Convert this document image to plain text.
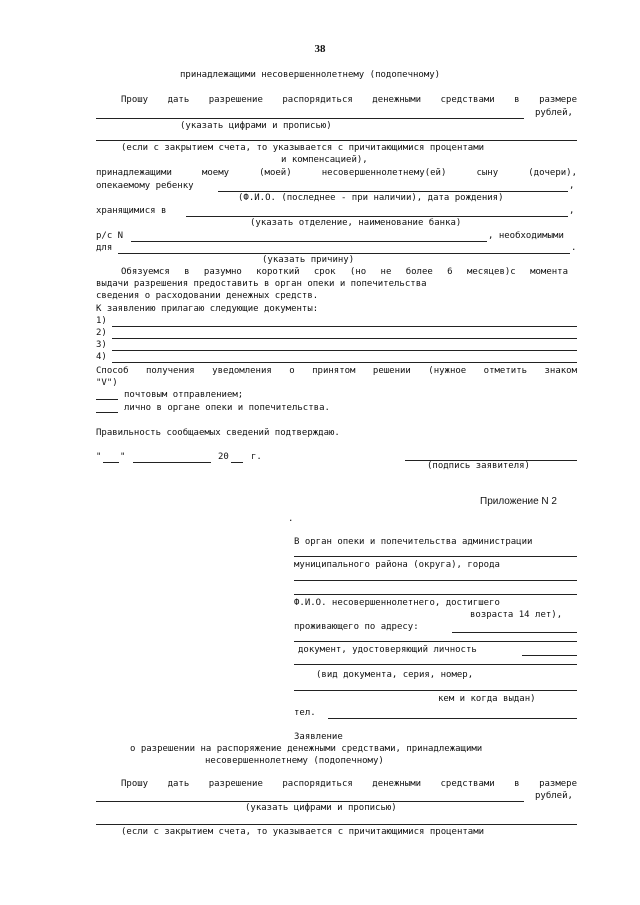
38
принадлежащими несовершеннолетнему (подопечному)
Прошу дать разрешение распорядиться денежными средствами в размере
рублей,
(указать цифрами и прописью)
(если с закрытием счета, то указывается с причитающимися процентами
и компенсацией),
принадлежащими моему (моей) несовершеннолетнему(ей) сыну (дочери),
опекаемому ребенку	,
(Ф.И.О. (последнее - при наличии), дата рождения)
хранящимися в	,
(указать отделение, наименование банка)
р/с N	, необходимыми
для	.
(указать причину)
Обязуемся в разумно короткий срок (но не более 6 месяцев)с момента
выдачи разрешения предоставить в орган опеки и попечительства
сведения о расходовании денежных средств.
К заявлению прилагаю следующие документы:
1)
2)
3)
4)
Способ получения уведомления о принятом решении (нужное отметить знаком
"V")
почтовым отправлением;
лично в органе опеки и попечительства.
Правильность сообщаемых сведений подтверждаю.
" "	20 г.
(подпись заявителя)
Приложение N 2
.
В орган опеки и попечительства администрации
муниципального района (округа), города
Ф.И.О. несовершеннолетнего, достигшего
возраста 14 лет),
проживающего по адресу:
документ, удостоверяющий личность
(вид документа, серия, номер,
кем и когда выдан)
тел.
Заявление
о разрешении на распоряжение денежными средствами, принадлежащими
несовершеннолетнему (подопечному)
Прошу дать разрешение распорядиться денежными средствами в размере
рублей,
(указать цифрами и прописью)
(если с закрытием счета, то указывается с причитающимися процентами
